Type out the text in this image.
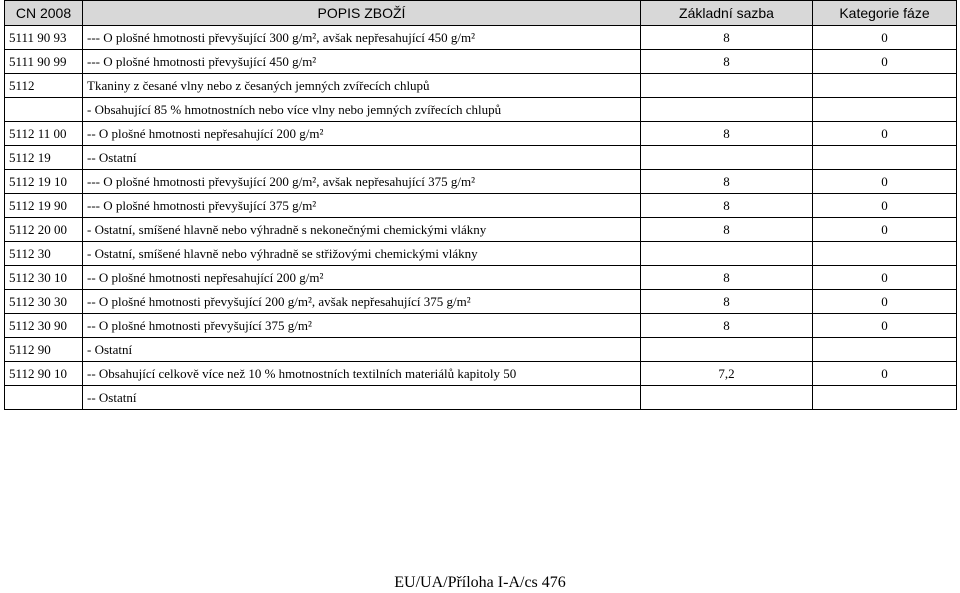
CN 2008	POPIS ZBOŽÍ	Základní sazba	Kategorie fáze
5111 90 93	--- O plošné hmotnosti převyšující 300 g/m², avšak nepřesahující 450 g/m²	8	0
5111 90 99	--- O plošné hmotnosti převyšující 450 g/m²	8	0
5112	Tkaniny z česané vlny nebo z česaných jemných zvířecích chlupů		
	- Obsahující 85 % hmotnostních nebo více vlny nebo jemných zvířecích chlupů		
5112 11 00	-- O plošné hmotnosti nepřesahující 200 g/m²	8	0
5112 19	-- Ostatní		
5112 19 10	--- O plošné hmotnosti převyšující 200 g/m², avšak nepřesahující 375 g/m²	8	0
5112 19 90	--- O plošné hmotnosti převyšující 375 g/m²	8	0
5112 20 00	- Ostatní, smíšené hlavně nebo výhradně s nekonečnými chemickými vlákny	8	0
5112 30	- Ostatní, smíšené hlavně nebo výhradně se střižovými chemickými vlákny		
5112 30 10	-- O plošné hmotnosti nepřesahující 200 g/m²	8	0
5112 30 30	-- O plošné hmotnosti převyšující 200 g/m², avšak nepřesahující 375 g/m²	8	0
5112 30 90	-- O plošné hmotnosti převyšující 375 g/m²	8	0
5112 90	- Ostatní		
5112 90 10	-- Obsahující celkově více než 10 % hmotnostních textilních materiálů kapitoly 50	7,2	0
	-- Ostatní		
EU/UA/Příloha I-A/cs 476
